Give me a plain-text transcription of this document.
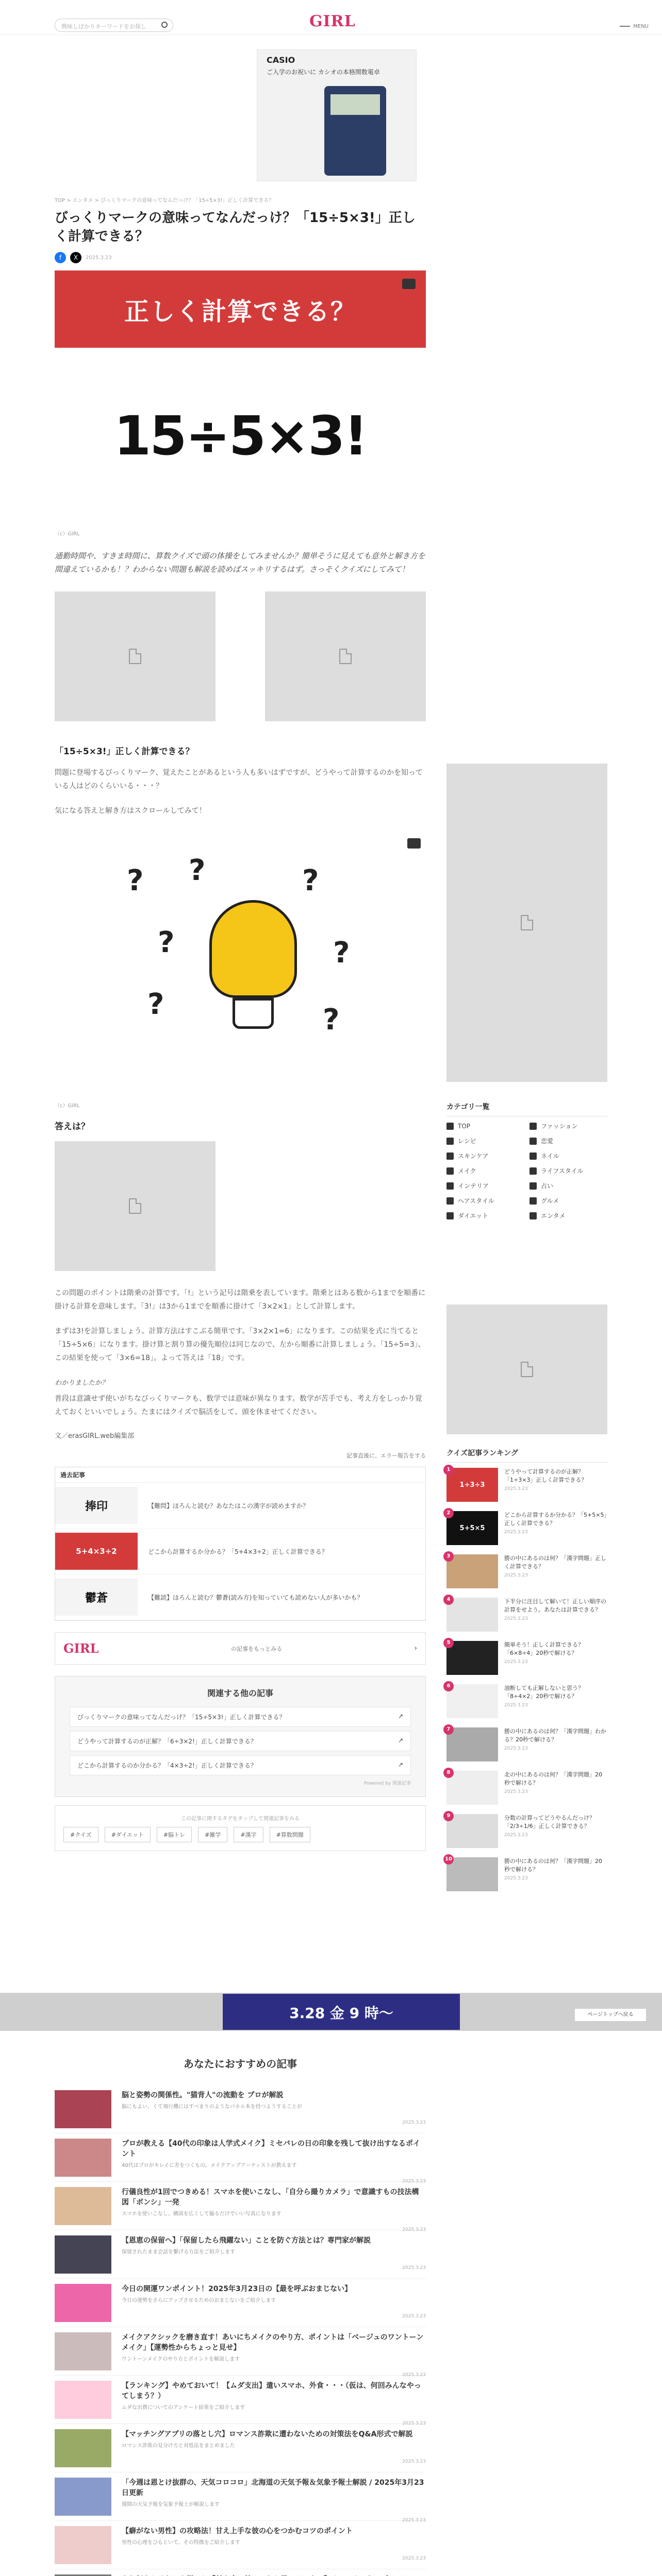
興味しばかりキーワードをお探し	GIRL	MENU
CASIO
ご入学のお祝いに カシオの本格関数電卓
TOP > エンタメ > びっくりマークの意味ってなんだっけ？「15÷5×3!」正しく計算できる？
びっくりマークの意味ってなんだっけ？「15÷5×3!」正しく計算できる？
f	X	2025.3.23
正しく計算できる？
15÷5×3!
（c）GIRL

通勤時間や、すきま時間に、算数クイズで頭の体操をしてみませんか？簡単そうに見えても意外と解き方を間違えているかも！？わからない問題も解説を読めばスッキリするはず。さっそくクイズにしてみて！

「15÷5×3!」正しく計算できる？

問題に登場するびっくりマーク、覚えたことがあるという人も多いはずですが、どうやって計算するのかを知っている人はどのくらいいる・・・？

気になる答えと解き方はスクロールしてみて！

?
?
?	?
?
?	?
（c）GIRL
答えは？

この問題のポイントは階乗の計算です。「!」という記号は階乗を表しています。階乗とはある数から1までを順番に掛ける計算を意味します。「3!」は3から1までを順番に掛けて「3×2×1」として計算します。

まずは3!を計算しましょう。計算方法はすこぶる簡単です。「3×2×1=6」になります。この結果を式に当てると「15÷5×6」になります。掛け算と割り算の優先順位は同じなので、左から順番に計算しましょう。「15÷5=3」、この結果を使って「3×6=18」。よって答えは「18」です。

わかりましたか？

普段は意識せず使いがちなびっくりマークも、数学では意味が異なります。数学が苦手でも、考え方をしっかり覚えておくといいでしょう。たまにはクイズで脳活をして、頭を休ませてください。

文／erasGIRL.web編集部
記事直後に、エラー報告をする
過去記事
捧印	【難問】ほろんと読む？あなたはこの漢字が読めますか？
5+4×3÷2	どこから計算するか分かる？「5+4×3÷2」正しく計算できる？
鬱蒼	【難読】ほろんと読む？鬱蒼(読み方)を知っていても読めない人が多いかも？
GIRL	の記事をもっとみる	›
関連する他の記事
びっくりマークの意味ってなんだっけ？「15÷5×3!」正しく計算できる？	↗
どうやって計算するのが正解？「6÷3×2!」正しく計算できる？	↗
どこから計算するのか分かる？「4×3÷2!」正しく計算できる？	↗
Powered by 関連記事
この記事に関するタグをタップして関連記事をみる
#クイズ	#ダイエット	#脳トレ	#雑学	#漢字	#算数問題
カテゴリ一覧
TOP	ファッション
レシピ	恋愛
スキンケア	ネイル
メイク	ライフスタイル
インテリア	占い
ヘアスタイル	グルメ
ダイエット	エンタメ
クイズ記事ランキング
1
1÷3÷3
どうやって計算するのが正解？「1÷3×3」正しく計算できる？
2025.3.23
2
5+5×5
どこから計算するか分かる？「5+5×5」正しく計算できる？
2025.3.23
3	勝の中にあるのは何？「漢字問題」正しく計算できる？
2025.3.23
4	下半分に注目して解いて！正しい順序の計算をせよう。あなたは計算できる？
2025.3.23
5	簡単そう！正しく計算できる？「6×8÷4」20秒で解ける？
2025.3.23
6	油断しても正解しないと思う？「8÷4×2」20秒で解ける？
2025.3.23
7	勝の中にあるのは何？「漢字問題」わかる？20秒で解ける？
2025.3.23
8	北の中にあるのは何？「漢字問題」20秒で解ける？
2025.3.23
9	分数の計算ってどうやるんだっけ？「2/3÷1/6」正しく計算できる？
2025.3.23
10	勝の中にあるのは何？「漢字問題」20秒で解ける？
2025.3.23
3.28 金 9 時～	ページトップへ戻る
あなたにおすすめの記事
脳と姿勢の関係性。"猫背人"の流動を プロが解説
脳にもよい、くて飛行機にはすべまりのようなパネル本を持つようすることが
2025.3.23
プロが教える【40代の印象は人学式メイク】ミセバレの日の印象を残して抜け出すなるポイント
40代はプロがキレイに差をつくもの。メイクアップアーティストが教えます
2025.3.23
行儀良性が1回でつきめる！スマホを使いこなし、「自分ら撮りカメラ」で意識すもの技法構図「ボンシ」一発
スマホを使いこなし、構図を広くして撮るだけでいい写真になります
2025.3.23
【恩恵の保留へ】「保留したら飛躍ない」ことを防ぐ方法とは？専門家が解説
保留されたまま会話を繋げる方法をご紹介します
2025.3.23
今日の開運ワンポイント！2025年3月23日の【最を呼ぶおまじない】
今日の運勢をさらにアップさせるためのおまじないをご紹介します
2025.3.23
メイクアクシックを磨き直す！あいにちメイクのやり方、ポイントは「ベージュのワントーンメイク」【運勢性からちょっと見せ】
ワントーンメイクのやり方とポイントを解説します
2025.3.23
【ランキング】やめておいて！【ムダ支出】遣いスマホ、外食・・・（仮は、何回みんなやってしまう？）
ムダな出費についてのアンケート結果をご紹介します
2025.3.23
【マッチングアプリの落とし穴】ロマンス詐欺に遭わないための対策法をQ&A形式で解説
ロマンス詐欺の見分け方と対処法をまとめました
2025.3.23
「今週は恩とけ抜群の、天気コロコロ」北海道の天気予報＆気象予報士解説 / 2025年3月23日更新
週間の天気予報を気象予報士が解説します
2025.3.23
【癖がない男性】の攻略法！甘え上手な彼の心をつかむコツのポイント
男性の心理をひもといて、その特徴をご紹介します
2025.3.23
